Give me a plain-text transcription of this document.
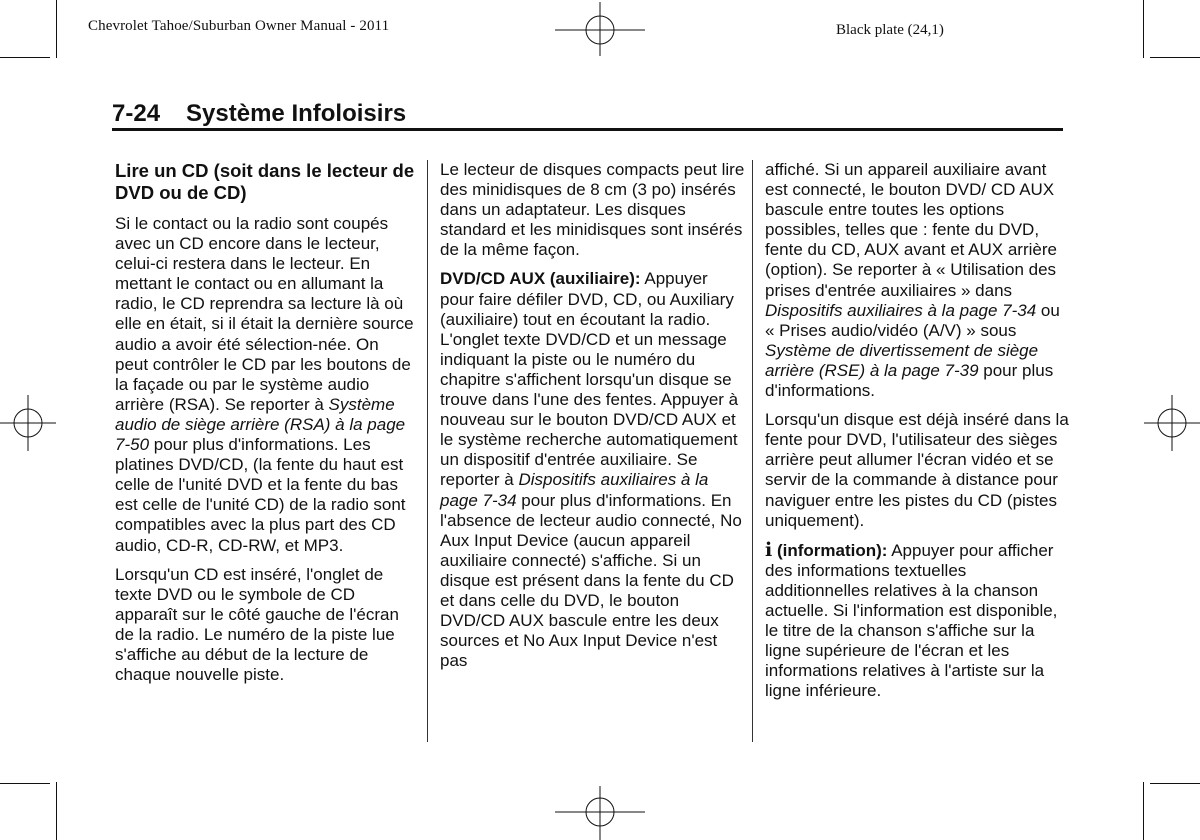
Chevrolet Tahoe/Suburban Owner Manual - 2011	Black plate (24,1)
7-24 Système Infoloisirs
Lire un CD (soit dans le lecteur de DVD ou de CD)

Si le contact ou la radio sont coupés avec un CD encore dans le lecteur, celui-ci restera dans le lecteur. En mettant le contact ou en allumant la radio, le CD reprendra sa lecture là où elle en était, si il était la dernière source audio a avoir été sélection-née. On peut contrôler le CD par les boutons de la façade ou par le système audio arrière (RSA). Se reporter à Système audio de siège arrière (RSA) à la page 7-50 pour plus d'informations. Les platines DVD/CD, (la fente du haut est celle de l'unité DVD et la fente du bas est celle de l'unité CD) de la radio sont compatibles avec la plus part des CD audio, CD-R, CD-RW, et MP3.

Lorsqu'un CD est inséré, l'onglet de texte DVD ou le symbole de CD apparaît sur le côté gauche de l'écran de la radio. Le numéro de la piste lue s'affiche au début de la lecture de chaque nouvelle piste.

Le lecteur de disques compacts peut lire des minidisques de 8 cm (3 po) insérés dans un adaptateur. Les disques standard et les minidisques sont insérés de la même façon.

DVD/CD AUX (auxiliaire): Appuyer pour faire défiler DVD, CD, ou Auxiliary (auxiliaire) tout en écoutant la radio. L'onglet texte DVD/CD et un message indiquant la piste ou le numéro du chapitre s'affichent lorsqu'un disque se trouve dans l'une des fentes. Appuyer à nouveau sur le bouton DVD/CD AUX et le système recherche automatiquement un dispositif d'entrée auxiliaire. Se reporter à Dispositifs auxiliaires à la page 7-34 pour plus d'informations. En l'absence de lecteur audio connecté, No Aux Input Device (aucun appareil auxiliaire connecté) s'affiche. Si un disque est présent dans la fente du CD et dans celle du DVD, le bouton DVD/CD AUX bascule entre les deux sources et No Aux Input Device n'est pas

affiché. Si un appareil auxiliaire avant est connecté, le bouton DVD/ CD AUX bascule entre toutes les options possibles, telles que : fente du DVD, fente du CD, AUX avant et AUX arrière (option). Se reporter à « Utilisation des prises d'entrée auxiliaires » dans Dispositifs auxiliaires à la page 7-34 ou « Prises audio/vidéo (A/V) » sous Système de divertissement de siège arrière (RSE) à la page 7-39 pour plus d'informations.

Lorsqu'un disque est déjà inséré dans la fente pour DVD, l'utilisateur des sièges arrière peut allumer l'écran vidéo et se servir de la commande à distance pour naviguer entre les pistes du CD (pistes uniquement).

i (information): Appuyer pour afficher des informations textuelles additionnelles relatives à la chanson actuelle. Si l'information est disponible, le titre de la chanson s'affiche sur la ligne supérieure de l'écran et les informations relatives à l'artiste sur la ligne inférieure.
